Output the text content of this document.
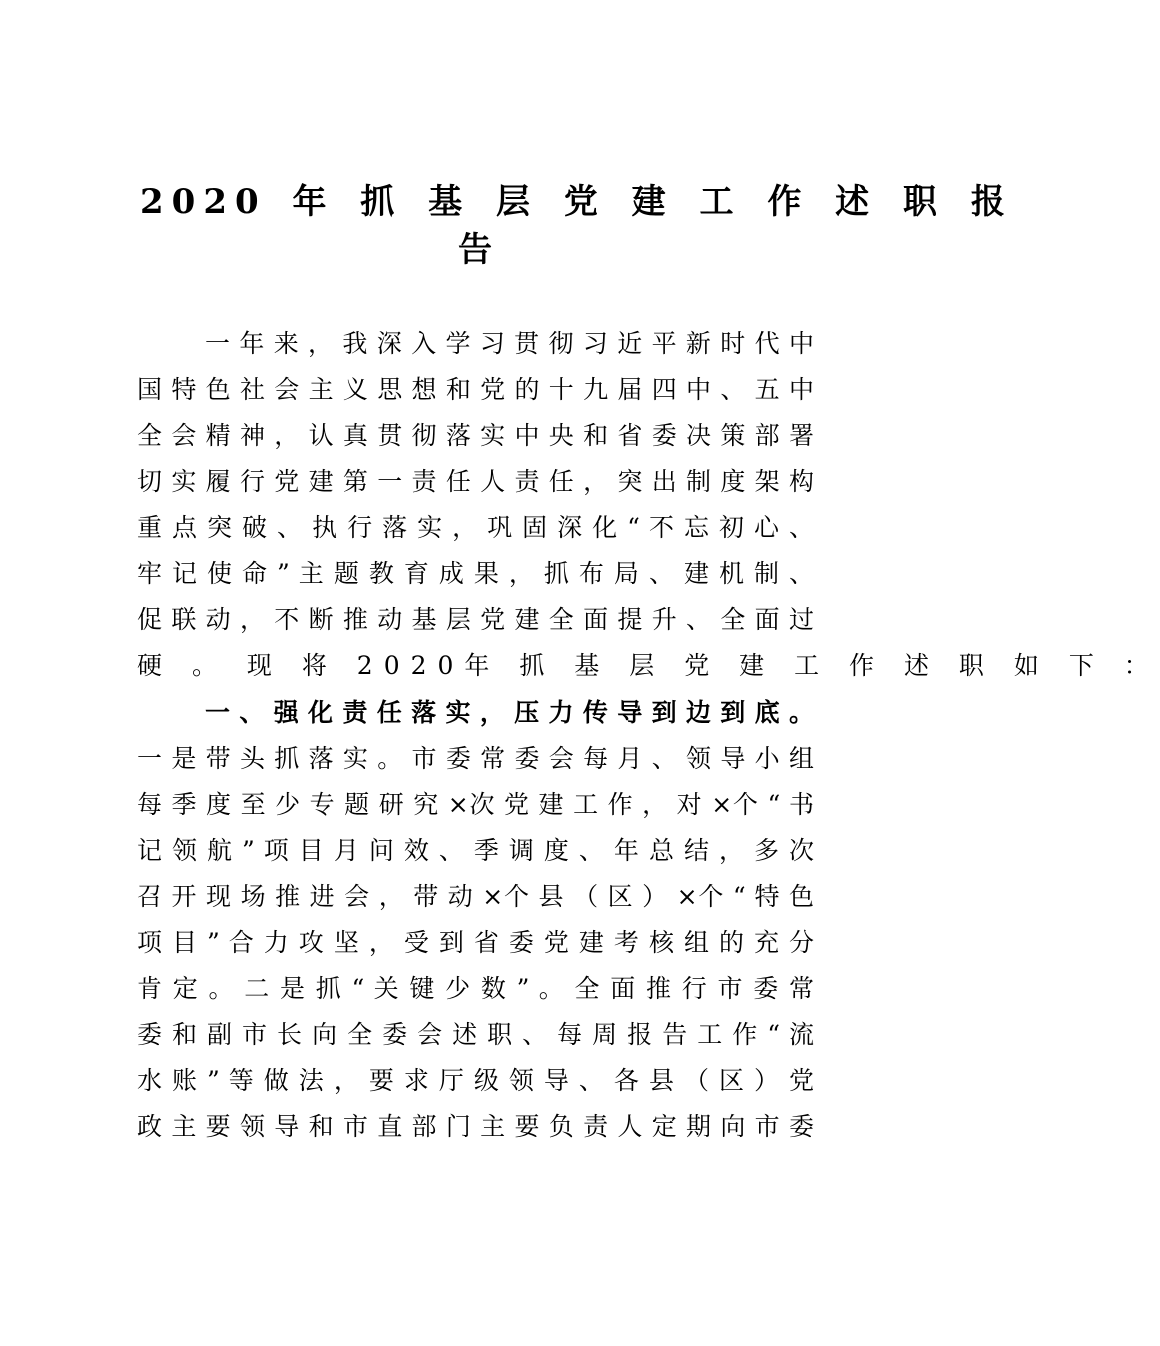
2020 年 抓 基 层 党 建 工 作 述 职 报
告
一 年 来 ， 我 深 入 学 习 贯 彻 习 近 平 新 时 代 中
国 特 色 社 会 主 义 思 想 和 党 的 十 九 届 四 中 、 五 中
全 会 精 神 ， 认 真 贯 彻 落 实 中 央 和 省 委 决 策 部 署
切 实 履 行 党 建 第 一 责 任 人 责 任 ， 突 出 制 度 架 构
重 点 突 破 、 执 行 落 实 ， 巩 固 深 化 “ 不 忘 初 心 、
牢 记 使 命 ” 主 题 教 育 成 果 ， 抓 布 局 、 建 机 制 、
促 联 动 ， 不 断 推 动 基 层 党 建 全 面 提 升 、 全 面 过
硬 。 现 将 2020年 抓 基 层 党 建 工 作 述 职 如 下 ：
一 、 强 化 责 任 落 实 ， 压 力 传 导 到 边 到 底 。
一 是 带 头 抓 落 实 。 市 委 常 委 会 每 月 、 领 导 小 组
每 季 度 至 少 专 题 研 究 ×次 党 建 工 作 ， 对 ×个 “ 书
记 领 航 ” 项 目 月 问 效 、 季 调 度 、 年 总 结 ， 多 次
召 开 现 场 推 进 会 ， 带 动 ×个 县 （ 区 ） ×个 “ 特 色
项 目 ” 合 力 攻 坚 ， 受 到 省 委 党 建 考 核 组 的 充 分
肯 定 。 二 是 抓 “ 关 键 少 数 ” 。 全 面 推 行 市 委 常
委 和 副 市 长 向 全 委 会 述 职 、 每 周 报 告 工 作 “ 流
水 账 ” 等 做 法 ， 要 求 厅 级 领 导 、 各 县 （ 区 ） 党
政 主 要 领 导 和 市 直 部 门 主 要 负 责 人 定 期 向 市 委
